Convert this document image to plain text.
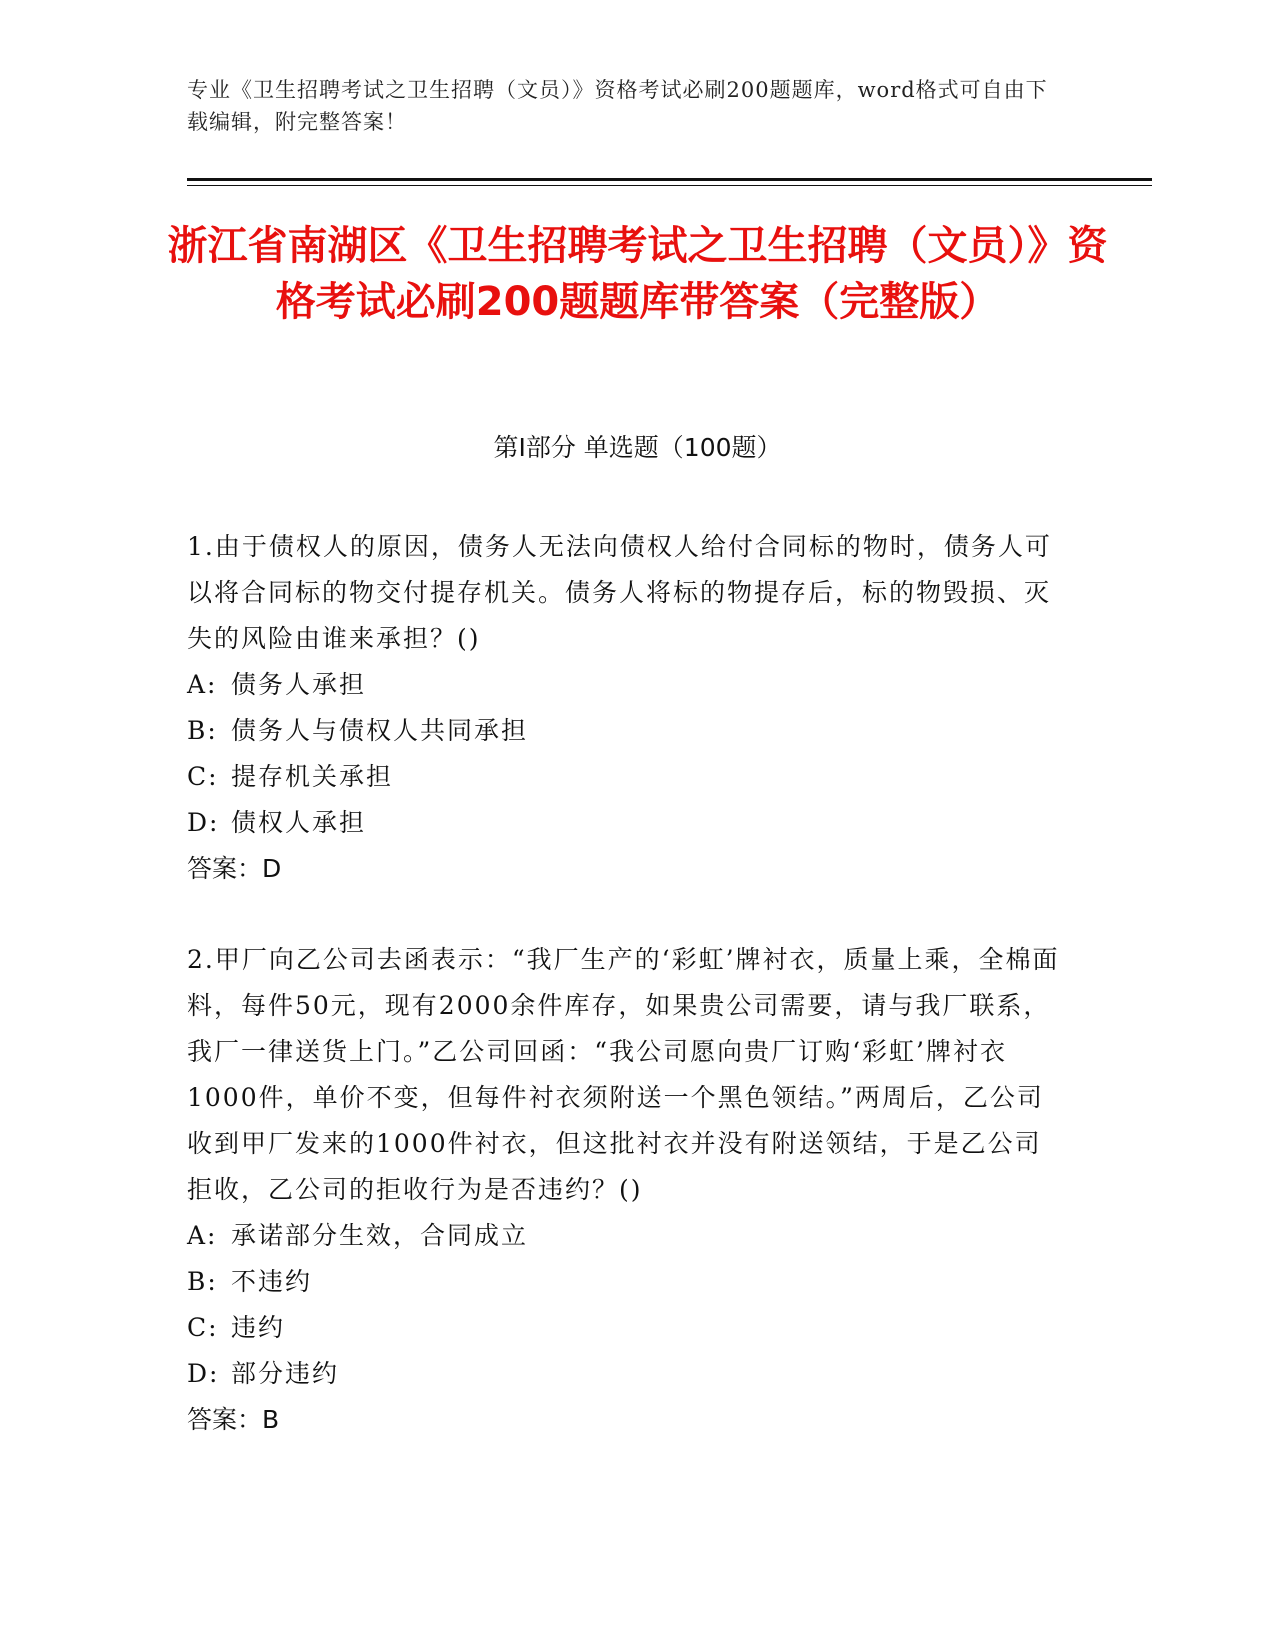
专业《卫生招聘考试之卫生招聘（文员）》资格考试必刷200题题库，word格式可自由下载编辑，附完整答案！
浙江省南湖区《卫生招聘考试之卫生招聘（文员）》资格考试必刷200题题库带答案（完整版）
第Ⅰ部分 单选题（100题）

1.由于债权人的原因，债务人无法向债权人给付合同标的物时，债务人可以将合同标的物交付提存机关。债务人将标的物提存后，标的物毁损、灭失的风险由谁来承担？()

A: 债务人承担

B: 债务人与债权人共同承担

C: 提存机关承担

D: 债权人承担

答案：D

2.甲厂向乙公司去函表示：“我厂生产的‘彩虹’牌衬衣，质量上乘，全棉面料，每件50元，现有2000余件库存，如果贵公司需要，请与我厂联系，我厂一律送货上门。”乙公司回函：“我公司愿向贵厂订购‘彩虹’牌衬衣1000件，单价不变，但每件衬衣须附送一个黑色领结。”两周后，乙公司收到甲厂发来的1000件衬衣，但这批衬衣并没有附送领结，于是乙公司拒收，乙公司的拒收行为是否违约？()

A: 承诺部分生效，合同成立

B: 不违约

C: 违约

D: 部分违约

答案：B
